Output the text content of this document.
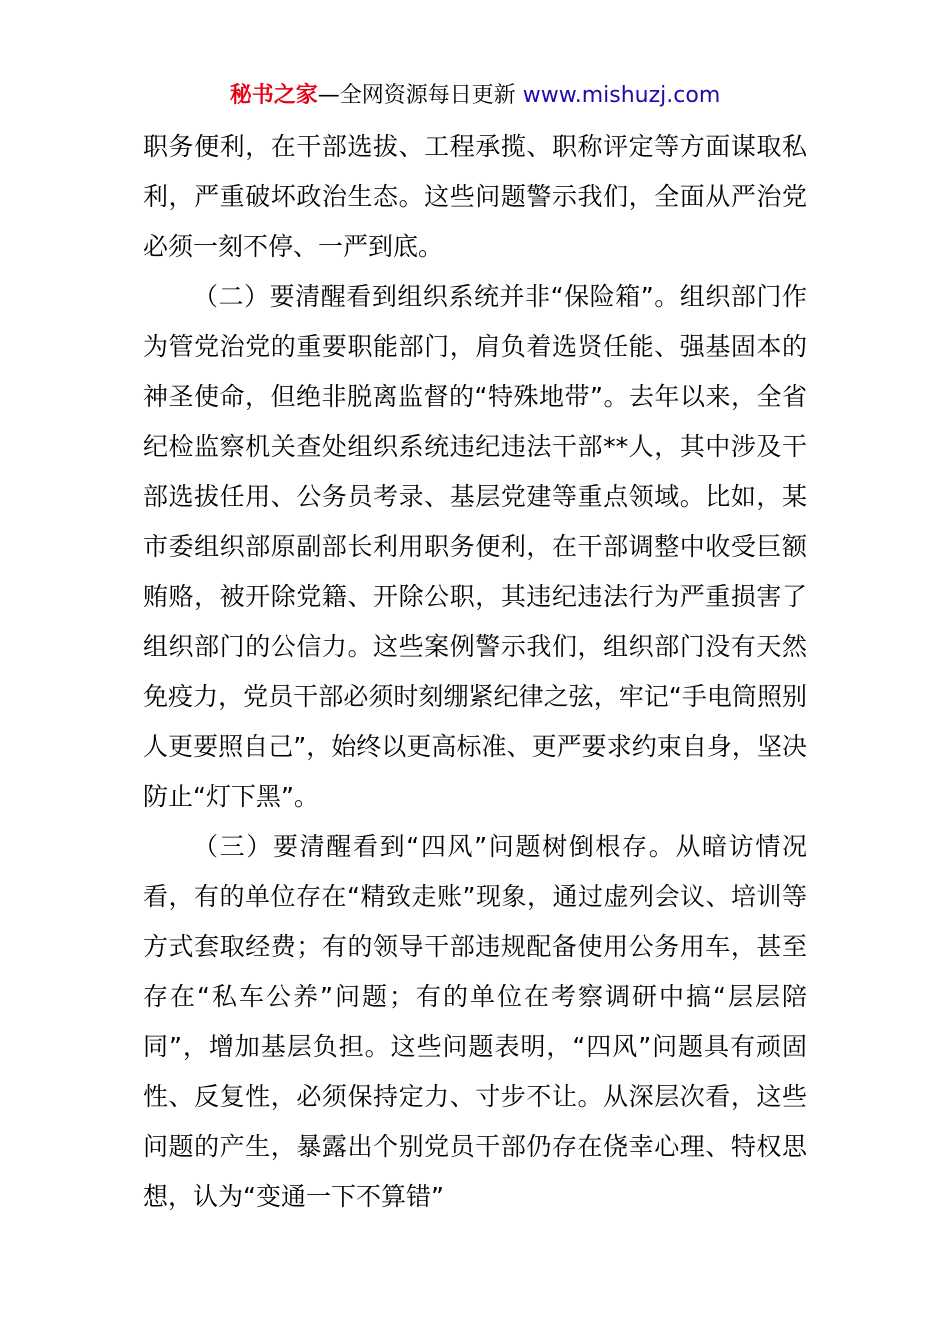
秘书之家—全网资源每日更新 www.mishuzj.com

职务便利，在干部选拔、工程承揽、职称评定等方面谋取私利，严重破坏政治生态。这些问题警示我们，全面从严治党必须一刻不停、一严到底。

（二）要清醒看到组织系统并非“保险箱”。组织部门作为管党治党的重要职能部门，肩负着选贤任能、强基固本的神圣使命，但绝非脱离监督的“特殊地带”。去年以来，全省纪检监察机关查处组织系统违纪违法干部**人，其中涉及干部选拔任用、公务员考录、基层党建等重点领域。比如，某市委组织部原副部长利用职务便利，在干部调整中收受巨额贿赂，被开除党籍、开除公职，其违纪违法行为严重损害了组织部门的公信力。这些案例警示我们，组织部门没有天然免疫力，党员干部必须时刻绷紧纪律之弦，牢记“手电筒照别人更要照自己”，始终以更高标准、更严要求约束自身，坚决防止“灯下黑”。

（三）要清醒看到“四风”问题树倒根存。从暗访情况看，有的单位存在“精致走账”现象，通过虚列会议、培训等方式套取经费；有的领导干部违规配备使用公务用车，甚至存在“私车公养”问题；有的单位在考察调研中搞“层层陪同”，增加基层负担。这些问题表明，“四风”问题具有顽固性、反复性，必须保持定力、寸步不让。从深层次看，这些问题的产生，暴露出个别党员干部仍存在侥幸心理、特权思想，认为“变通一下不算错”
